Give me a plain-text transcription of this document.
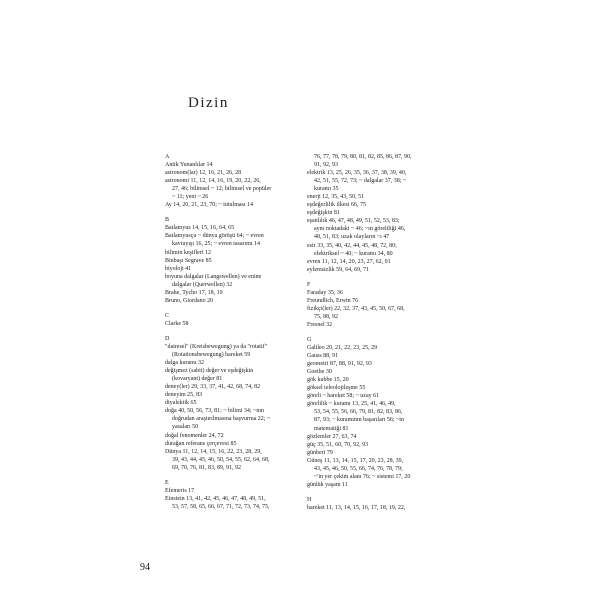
Dizin
A
Antik Yunanlılar 14
astronom(lar) 12, 16, 21, 26, 28
astronomi 11, 12, 14, 16, 19, 20, 22, 26,
27, 46; bilimsel ~ 12; bilimsel ve popüler
~ 11; yeni ~ 26
Ay 14, 20, 21, 23, 70; ~ tutulması 14
B
Batlamyus 14, 15, 16, 64, 65
Batlamyusçu ~ dünya görüşü 64; ~ evren
kavrayışı 16, 25; ~ evren tasarımı 14
bilimin keşifleri 12
Binbaşı Segrave 85
biyoloji 41
boyuna dalgalar (Langswellen) ve enine
dalgalar (Querwellen) 32
Brahe, Tycho 17, 18, 19
Bruno, Giordano 20
C
Clarke 58
D
"dairesel" (Kreisbewegung) ya da "rotatif"
(Rotationsbewegung) hareket 59
dalga kuramı 32
değişmez (sabit) değer ve eşdeğişkin
(kovaryant) değer 81
deney(ler) 29, 33, 37, 41, 42, 68, 74, 82
deneyim 25, 83
diyalektik 65
doğa 40, 50, 56, 73, 81; ~ bilimi 34; ~nın
doğrudan araştırılmasına başvurma 22; ~
yasaları 50
doğal fenomenler 24, 72
durağan referans çerçevesi 85
Dünya 11, 12, 14, 15, 16, 22, 23, 28, 29,
39, 43, 44, 45, 46, 50, 54, 55, 62, 64, 68,
69, 70, 76, 81, 83, 89, 91, 92
E
Efemeris 17
Einstein 13, 41, 42, 45, 46, 47, 48, 49, 51,
53, 57, 58, 65, 66, 67, 71, 72, 73, 74, 75,
76, 77, 78, 79, 80, 81, 82, 85, 86, 87, 90,
91, 92, 93
elektrik 13, 25, 26, 35, 36, 37, 38, 39, 40,
42, 51, 55, 72, 73; ~ dalgalar 37, 38; ~
kuramı 35
enerji 12, 35, 43, 50, 51
eşdeğerlilik ilkesi 66, 75
eşdeğişkin 81
eşanlılık 46, 47, 48, 49, 51, 52, 53, 83;
aynı noktadaki ~ 46; ~ın göreliliği 46,
48, 51, 83; uzak olayların ~ı 47
esir 33, 35, 40, 42, 44, 45, 48, 72, 80;
elektriksel ~ 40; ~ kuramı 34, 80
evren 11, 12, 14, 20, 23, 27, 62, 91
eylemsizlik 59, 64, 69, 71
F
Faraday 35, 36
Freundlich, Erwin 76
fizikçi(ler) 22, 32, 37, 43, 45, 50, 67, 68,
75, 88, 92
Fresnel 32
G
Galileo 20, 21, 22, 23, 25, 29
Gauss 88, 91
geometri 87, 88, 91, 92, 93
Goethe 30
gök kubbe 15, 20
göksel teleolojileşme 55
göreli ~ hareket 58; ~ uzay 61
görelilik ~ kuramı 13, 25, 41, 46, 49,
53, 54, 55, 56, 66, 79, 81, 82, 83, 86,
87, 93; ~ kuramının başarıları 56; ~in
matematiği 81
gözlemler 27, 63, 74
güç 35, 51, 60, 70, 92, 93
günberi 79
Güneş 11, 13, 14, 15, 17, 20, 23, 28, 39,
43, 45, 46, 50, 55, 66, 74, 76, 78, 79;
~'in yer çekim alanı 76; ~ sistemi 17, 20
günlük yaşam 11
H
hareket 11, 13, 14, 15, 16, 17, 18, 19, 22,
94
